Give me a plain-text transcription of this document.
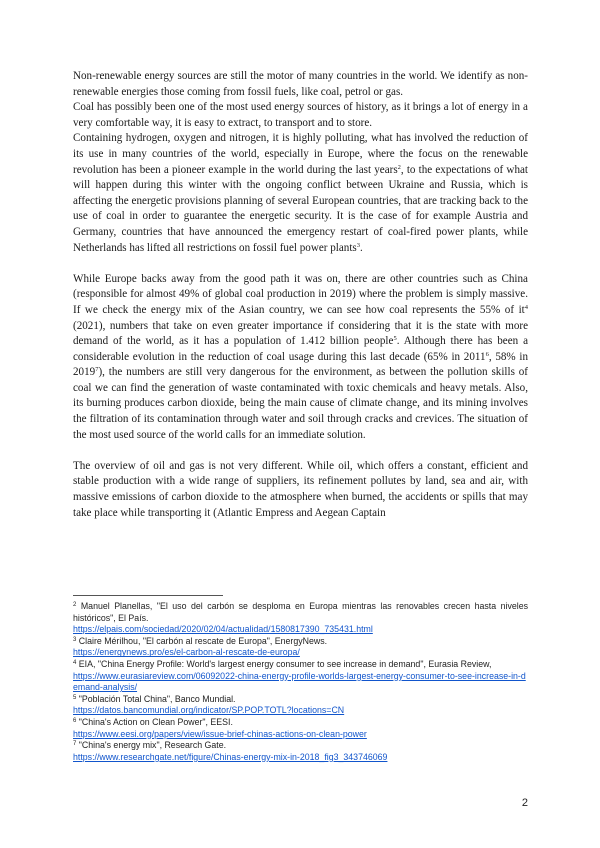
Non-renewable energy sources are still the motor of many countries in the world. We identify as non-renewable energies those coming from fossil fuels, like coal, petrol or gas.

Coal has possibly been one of the most used energy sources of history, as it brings a lot of energy in a very comfortable way, it is easy to extract, to transport and to store.

Containing hydrogen, oxygen and nitrogen, it is highly polluting, what has involved the reduction of its use in many countries of the world, especially in Europe, where the focus on the renewable revolution has been a pioneer example in the world during the last years$^2$, to the expectations of what will happen during this winter with the ongoing conflict between Ukraine and Russia, which is affecting the energetic provisions planning of several European countries, that are tracking back to the use of coal in order to guarantee the energetic security. It is the case of for example Austria and Germany, countries that have announced the emergency restart of coal-fired power plants, while Netherlands has lifted all restrictions on fossil fuel power plants$^3$.

While Europe backs away from the good path it was on, there are other countries such as China (responsible for almost 49% of global coal production in 2019) where the problem is simply massive. If we check the energy mix of the Asian country, we can see how coal represents the 55% of $it^4$ (2021), numbers that take on even greater importance if considering that it is the state with more demand of the world, as it has a population of 1.412 billion people$^5$. Although there has been a considerable evolution in the reduction of coal usage during this last decade (65% in 2011$^6$, 58% in 2019$^7$), the numbers are still very dangerous for the environment, as between the pollution skills of coal we can find the generation of waste contaminated with toxic chemicals and heavy metals. Also, its burning produces carbon dioxide, being the main cause of climate change, and its mining involves the filtration of its contamination through water and soil through cracks and crevices. The situation of the most used source of the world calls for an immediate solution.

The overview of oil and gas is not very different. While oil, which offers a constant, efficient and stable production with a wide range of suppliers, its refinement pollutes by land, sea and air, with massive emissions of carbon dioxide to the atmosphere when burned, the accidents or spills that may take place while transporting it (Atlantic Empress and Aegean Captain

$^2$ Manuel Planellas, "El uso del carbón se desploma en Europa mientras las renovables crecen hasta niveles históricos", El País.
https://elpais.com/sociedad/2020/02/04/actualidad/1580817390_735431.html
$^3$ Claire Mérilhou, "El carbón al rescate de Europa", EnergyNews.
https://energynews.pro/es/el-carbon-al-rescate-de-europa/
$^4$ EIA, "China Energy Profile: World's largest energy consumer to see increase in demand", Eurasia Review,
https://www.eurasiareview.com/06092022-china-energy-profile-worlds-largest-energy-consumer-to-see-increase-in-demand-analysis/
$^5$ "Población Total China", Banco Mundial.
https://datos.bancomundial.org/indicator/SP.POP.TOTL?locations=CN
$^6$ "China's Action on Clean Power", EESI.
https://www.eesi.org/papers/view/issue-brief-chinas-actions-on-clean-power
$^7$ "China's energy mix", Research Gate.
https://www.researchgate.net/figure/Chinas-energy-mix-in-2018_fig3_343746069
2
